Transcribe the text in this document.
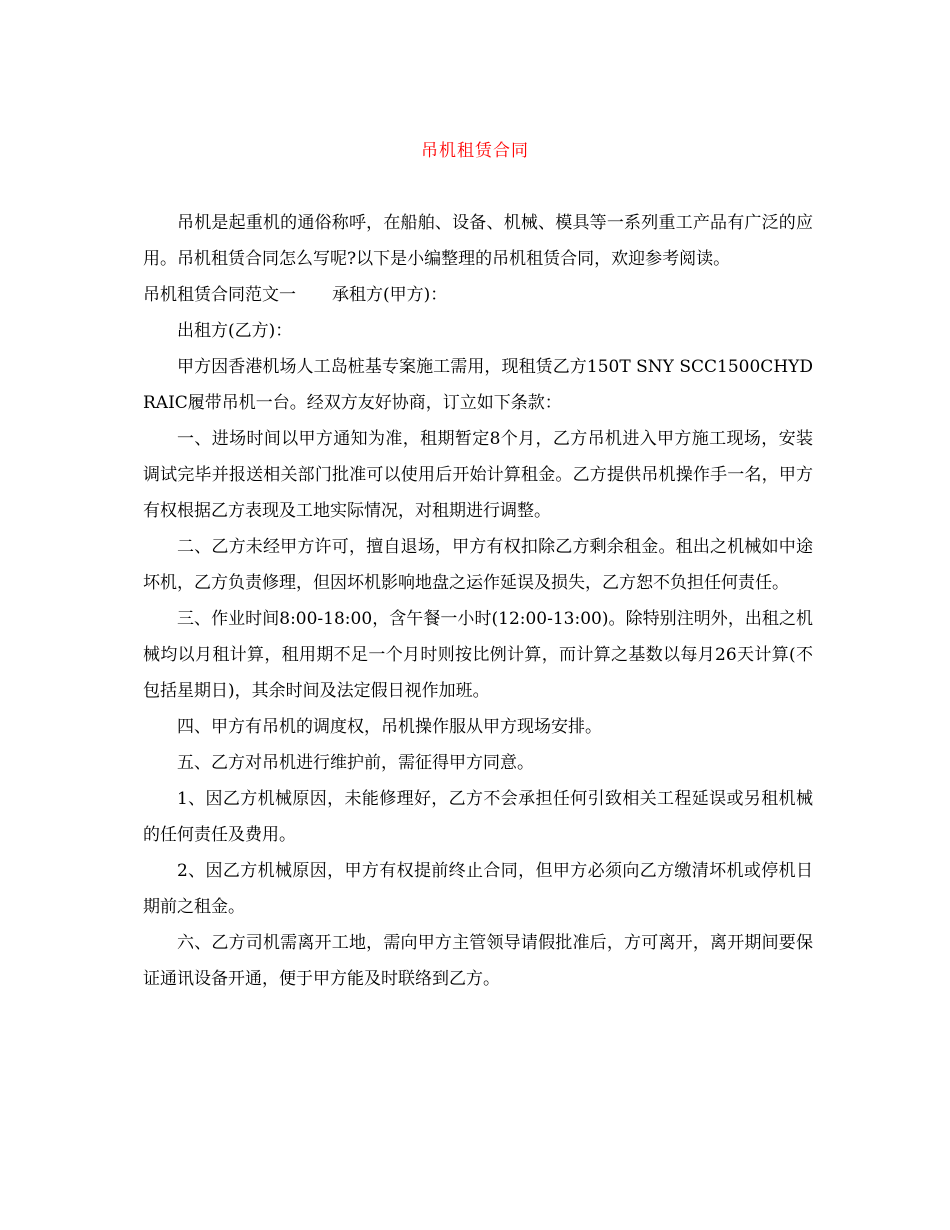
吊机租赁合同

吊机是起重机的通俗称呼，在船舶、设备、机械、模具等一系列重工产品有广泛的应用。吊机租赁合同怎么写呢?以下是小编整理的吊机租赁合同，欢迎参考阅读。

吊机租赁合同范文一 承租方(甲方)：

出租方(乙方)：

甲方因香港机场人工岛桩基专案施工需用，现租赁乙方150T SNY SCC1500CHYDRAIC履带吊机一台。经双方友好协商，订立如下条款：

一、进场时间以甲方通知为准，租期暂定8个月，乙方吊机进入甲方施工现场，安装调试完毕并报送相关部门批准可以使用后开始计算租金。乙方提供吊机操作手一名，甲方有权根据乙方表现及工地实际情况，对租期进行调整。

二、乙方未经甲方许可，擅自退场，甲方有权扣除乙方剩余租金。租出之机械如中途坏机，乙方负责修理，但因坏机影响地盘之运作延误及损失，乙方恕不负担任何责任。

三、作业时间8:00-18:00，含午餐一小时(12:00-13:00)。除特别注明外，出租之机械均以月租计算，租用期不足一个月时则按比例计算，而计算之基数以每月26天计算(不包括星期日)，其余时间及法定假日视作加班。

四、甲方有吊机的调度权，吊机操作服从甲方现场安排。

五、乙方对吊机进行维护前，需征得甲方同意。

1、因乙方机械原因，未能修理好，乙方不会承担任何引致相关工程延误或另租机械的任何责任及费用。

2、因乙方机械原因，甲方有权提前终止合同，但甲方必须向乙方缴清坏机或停机日期前之租金。

六、乙方司机需离开工地，需向甲方主管领导请假批准后，方可离开，离开期间要保证通讯设备开通，便于甲方能及时联络到乙方。
